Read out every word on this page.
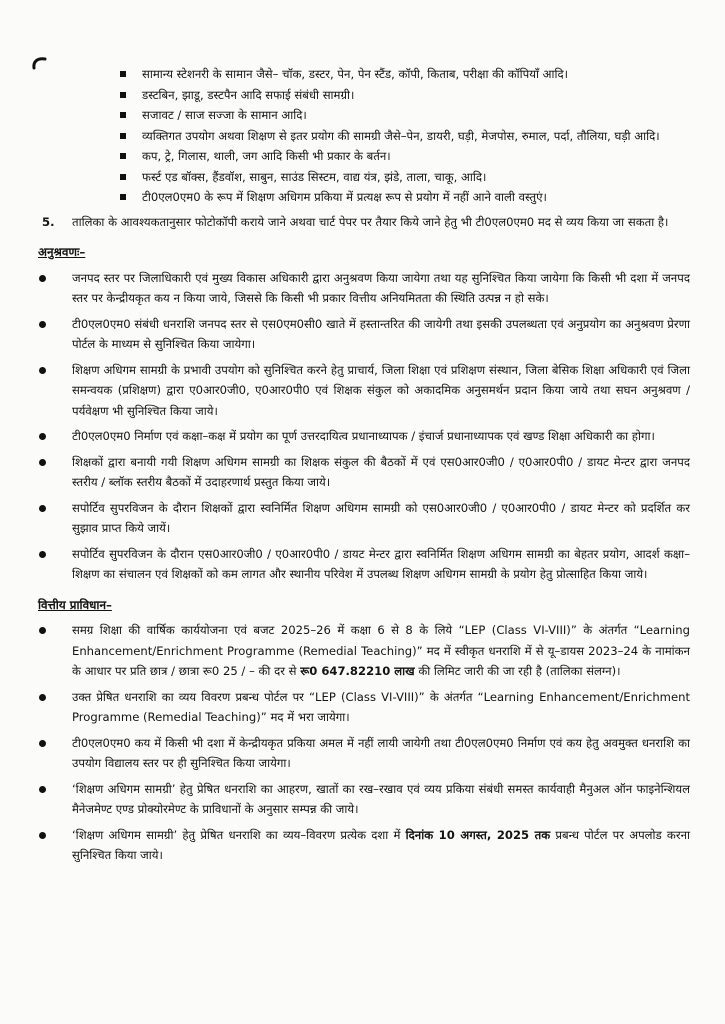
सामान्य स्टेशनरी के सामान जैसे– चॉक, डस्टर, पेन, पेन स्टैंड, कॉपी, किताब, परीक्षा की कॉपियाँ आदि।
डस्टबिन, झाडू, डस्टपैन आदि सफाई संबंधी सामग्री।
सजावट / साज सज्जा के सामान आदि।
व्यक्तिगत उपयोग अथवा शिक्षण से इतर प्रयोग की सामग्री जैसे–पेन, डायरी, घड़ी, मेजपोस, रुमाल, पर्दा, तौलिया, घड़ी आदि।
कप, ट्रे, गिलास, थाली, जग आदि किसी भी प्रकार के बर्तन।
फर्स्ट एड बॉक्स, हैंडवॉश, साबुन, साउंड सिस्टम, वाद्य यंत्र, झंडे, ताला, चाकू, आदि।
टी0एल0एम0 के रूप में शिक्षण अधिगम प्रकिया में प्रत्यक्ष रूप से प्रयोग में नहीं आने वाली वस्तुएं।
5. तालिका के आवश्यकतानुसार फोटोकॉपी कराये जाने अथवा चार्ट पेपर पर तैयार किये जाने हेतु भी टी0एल0एम0 मद से व्यय किया जा सकता है।
अनुश्रवणः–
जनपद स्तर पर जिलाधिकारी एवं मुख्य विकास अधिकारी द्वारा अनुश्रवण किया जायेगा तथा यह सुनिश्चित किया जायेगा कि किसी भी दशा में जनपद स्तर पर केन्द्रीयकृत कय न किया जाये, जिससे कि किसी भी प्रकार वित्तीय अनियमितता की स्थिति उत्पन्न न हो सके।
टी0एल0एम0 संबंधी धनराशि जनपद स्तर से एस0एम0सी0 खाते में हस्तान्तरित की जायेगी तथा इसकी उपलब्धता एवं अनुप्रयोग का अनुश्रवण प्रेरणा पोर्टल के माध्यम से सुनिश्चित किया जायेगा।
शिक्षण अधिगम सामग्री के प्रभावी उपयोग को सुनिश्चित करने हेतु प्राचार्य, जिला शिक्षा एवं प्रशिक्षण संस्थान, जिला बेसिक शिक्षा अधिकारी एवं जिला समन्वयक (प्रशिक्षण) द्वारा ए0आर0जी0, ए0आर0पी0 एवं शिक्षक संकुल को अकादमिक अनुसमर्थन प्रदान किया जाये तथा सघन अनुश्रवण / पर्यवेक्षण भी सुनिश्चित किया जाये।
टी0एल0एम0 निर्माण एवं कक्षा–कक्ष में प्रयोग का पूर्ण उत्तरदायित्व प्रधानाध्यापक / इंचार्ज प्रधानाध्यापक एवं खण्ड शिक्षा अधिकारी का होगा।
शिक्षकों द्वारा बनायी गयी शिक्षण अधिगम सामग्री का शिक्षक संकुल की बैठकों में एवं एस0आर0जी0 / ए0आर0पी0 / डायट मेन्टर द्वारा जनपद स्तरीय / ब्लॉक स्तरीय बैठकों में उदाहरणार्थ प्रस्तुत किया जाये।
सपोर्टिव सुपरविजन के दौरान शिक्षकों द्वारा स्वनिर्मित शिक्षण अधिगम सामग्री को एस0आर0जी0 / ए0आर0पी0 / डायट मेन्टर को प्रदर्शित कर सुझाव प्राप्त किये जायें।
सपोर्टिव सुपरविजन के दौरान एस0आर0जी0 / ए0आर0पी0 / डायट मेन्टर द्वारा स्वनिर्मित शिक्षण अधिगम सामग्री का बेहतर प्रयोग, आदर्श कक्षा–शिक्षण का संचालन एवं शिक्षकों को कम लागत और स्थानीय परिवेश में उपलब्ध शिक्षण अधिगम सामग्री के प्रयोग हेतु प्रोत्साहित किया जाये।
वित्तीय प्राविधान–
समग्र शिक्षा की वार्षिक कार्ययोजना एवं बजट 2025–26 में कक्षा 6 से 8 के लिये “LEP (Class VI-VIII)” के अंतर्गत “Learning Enhancement/Enrichment Programme (Remedial Teaching)” मद में स्वीकृत धनराशि में से यू–डायस 2023–24 के नामांकन के आधार पर प्रति छात्र / छात्रा रू0 25 / – की दर से रू0 647.82210 लाख की लिमिट जारी की जा रही है (तालिका संलग्न)।
उक्त प्रेषित धनराशि का व्यय विवरण प्रबन्ध पोर्टल पर “LEP (Class VI-VIII)” के अंतर्गत “Learning Enhancement/Enrichment Programme (Remedial Teaching)” मद में भरा जायेगा।
टी0एल0एम0 कय में किसी भी दशा में केन्द्रीयकृत प्रकिया अमल में नहीं लायी जायेगी तथा टी0एल0एम0 निर्माण एवं कय हेतु अवमुक्त धनराशि का उपयोग विद्यालय स्तर पर ही सुनिश्चित किया जायेगा।
‘शिक्षण अधिगम सामग्री’ हेतु प्रेषित धनराशि का आहरण, खातों का रख–रखाव एवं व्यय प्रकिया संबंधी समस्त कार्यवाही मैनुअल ऑन फाइनेन्शियल मैनेजमेण्ट एण्ड प्रोक्योरमेण्ट के प्राविधानों के अनुसार सम्पन्न की जाये।
‘शिक्षण अधिगम सामग्री’ हेतु प्रेषित धनराशि का व्यय–विवरण प्रत्येक दशा में दिनांक 10 अगस्त, 2025 तक प्रबन्ध पोर्टल पर अपलोड करना सुनिश्चित किया जाये।
